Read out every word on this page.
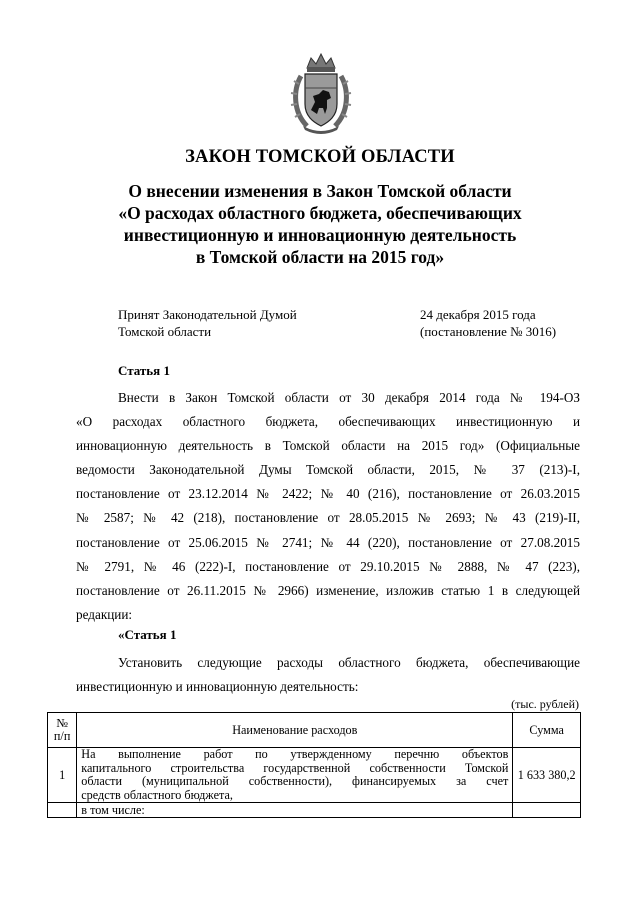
ЗАКОН ТОМСКОЙ ОБЛАСТИ
О внесении изменения в Закон Томской области
«О расходах областного бюджета, обеспечивающих
инвестиционную и инновационную деятельность
в Томской области на 2015 год»
Принят Законодательной Думой
Томской области
24 декабря 2015 года
(постановление № 3016)
Статья 1
Внести в Закон Томской области от 30 декабря 2014 года № 194-ОЗ
«О расходах областного бюджета, обеспечивающих инвестиционную и
инновационную деятельность в Томской области на 2015 год» (Официальные
ведомости Законодательной Думы Томской области, 2015, № 37 (213)-I,
постановление от 23.12.2014 № 2422; № 40 (216), постановление от 26.03.2015
№ 2587; № 42 (218), постановление от 28.05.2015 № 2693; № 43 (219)-II,
постановление от 25.06.2015 № 2741; № 44 (220), постановление от 27.08.2015
№ 2791, № 46 (222)-I, постановление от 29.10.2015 № 2888, № 47 (223),
постановление от 26.11.2015 № 2966) изменение, изложив статью 1 в следующей
редакции:
«Статья 1
Установить следующие расходы областного бюджета, обеспечивающие
инвестиционную и инновационную деятельность:
(тыс. рублей)
№
п/п	Наименование расходов	Сумма
1	На выполнение работ по утвержденному перечню объектов
капитального строительства государственной собственности Томской
области (муниципальной собственности), финансируемых за счет
средств областного бюджета,	1 633 380,2
	в том числе:	
